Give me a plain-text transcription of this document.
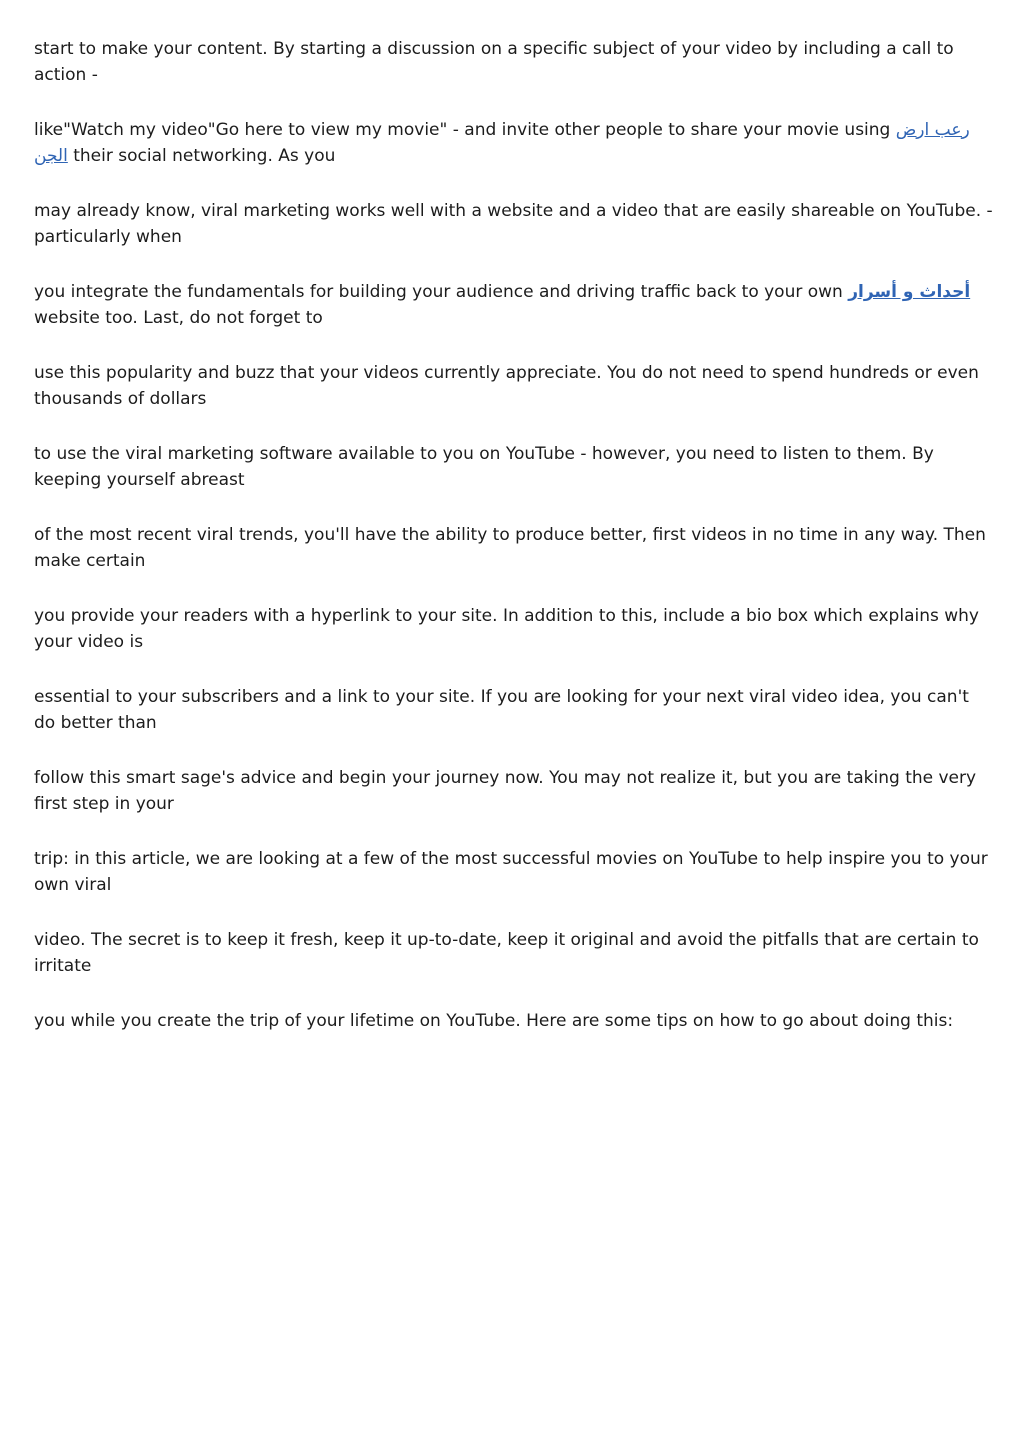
start to make your content. By starting a discussion on a specific subject of your video by including a call to action -

like"Watch my video"Go here to view my movie" - and invite other people to share your movie using رعب ارض الجن their social networking. As you

may already know, viral marketing works well with a website and a video that are easily shareable on YouTube. - particularly when

you integrate the fundamentals for building your audience and driving traffic back to your own أحداث و أسرار website too. Last, do not forget to

use this popularity and buzz that your videos currently appreciate. You do not need to spend hundreds or even thousands of dollars

to use the viral marketing software available to you on YouTube - however, you need to listen to them. By keeping yourself abreast

of the most recent viral trends, you'll have the ability to produce better, first videos in no time in any way. Then make certain

you provide your readers with a hyperlink to your site. In addition to this, include a bio box which explains why your video is

essential to your subscribers and a link to your site. If you are looking for your next viral video idea, you can't do better than

follow this smart sage's advice and begin your journey now. You may not realize it, but you are taking the very first step in your

trip: in this article, we are looking at a few of the most successful movies on YouTube to help inspire you to your own viral

video. The secret is to keep it fresh, keep it up-to-date, keep it original and avoid the pitfalls that are certain to irritate

you while you create the trip of your lifetime on YouTube. Here are some tips on how to go about doing this:
